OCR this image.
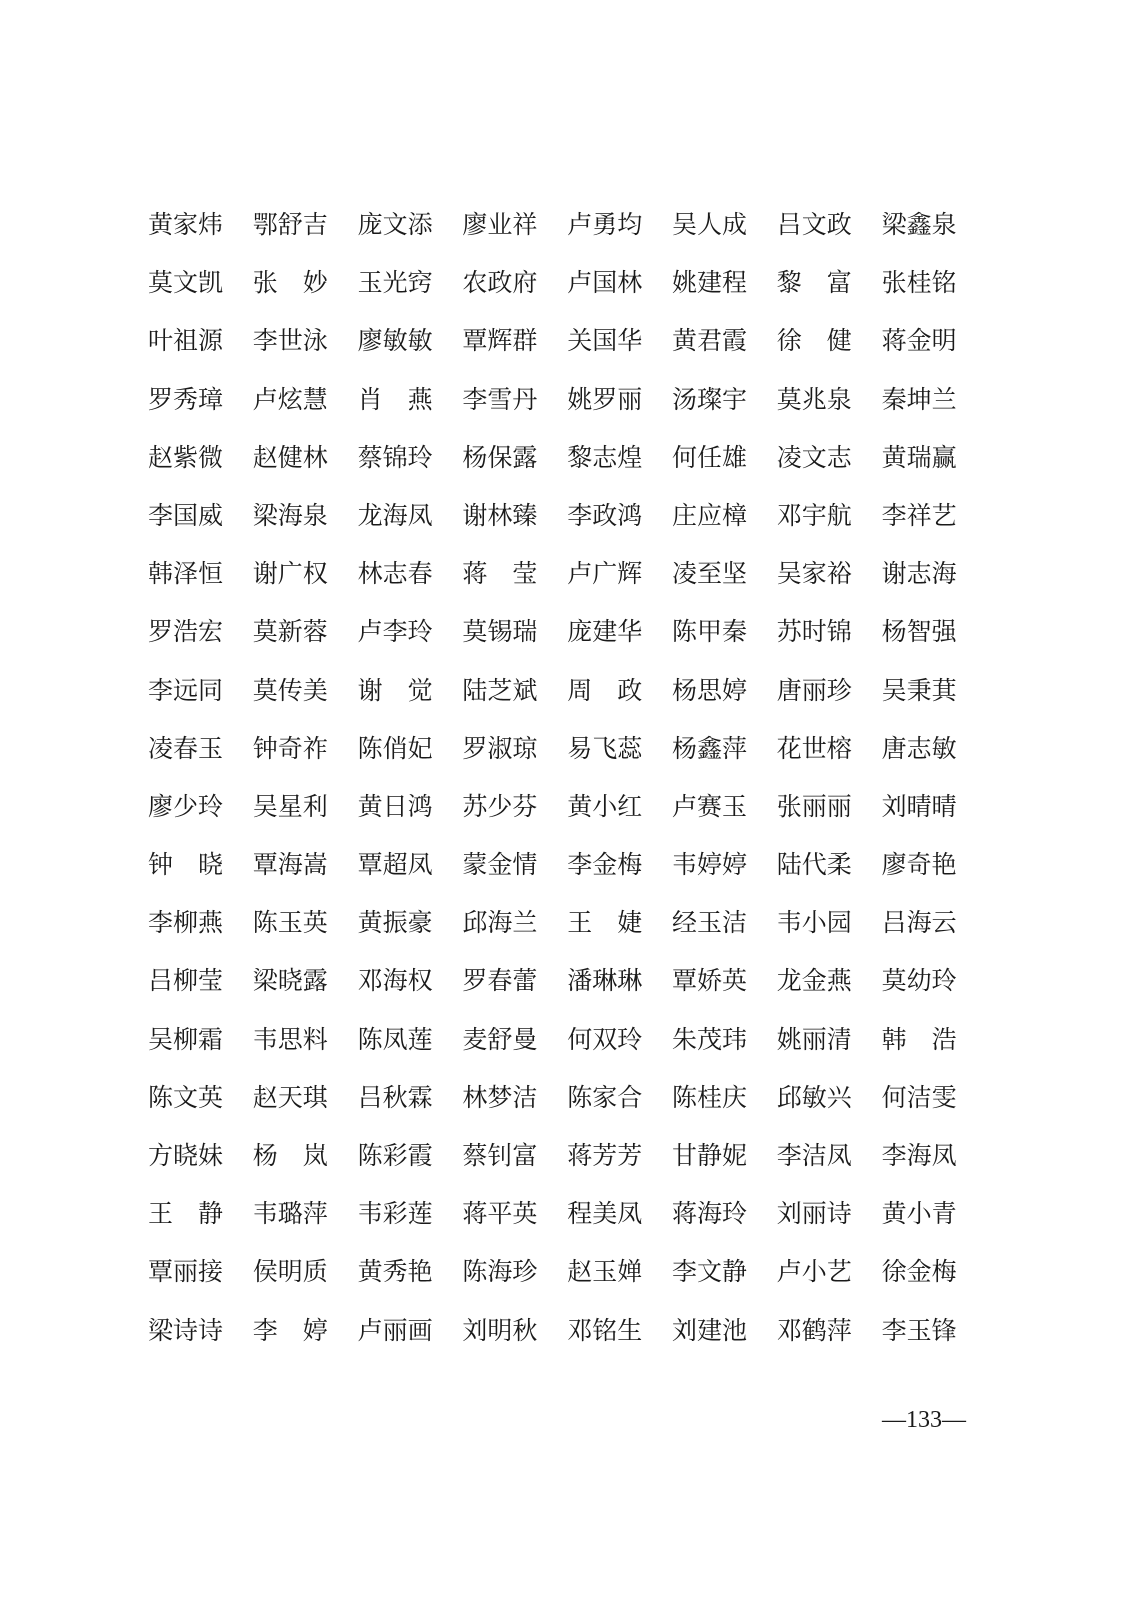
黄家炜	鄂舒吉	庞文添	廖业祥	卢勇均	吴人成	吕文政	梁鑫泉
莫文凯	张　妙	玉光窍	农政府	卢国林	姚建程	黎　富	张桂铭
叶祖源	李世泳	廖敏敏	覃辉群	关国华	黄君霞	徐　健	蒋金明
罗秀璋	卢炫慧	肖　燕	李雪丹	姚罗丽	汤璨宇	莫兆泉	秦坤兰
赵紫微	赵健林	蔡锦玲	杨保露	黎志煌	何任雄	凌文志	黄瑞赢
李国威	梁海泉	龙海凤	谢林臻	李政鸿	庄应樟	邓宇航	李祥艺
韩泽恒	谢广权	林志春	蒋　莹	卢广辉	凌至坚	吴家裕	谢志海
罗浩宏	莫新蓉	卢李玲	莫锡瑞	庞建华	陈甲秦	苏时锦	杨智强
李远同	莫传美	谢　觉	陆芝斌	周　政	杨思婷	唐丽珍	吴秉萁
凌春玉	钟奇祚	陈俏妃	罗淑琼	易飞蕊	杨鑫萍	花世榕	唐志敏
廖少玲	吴星利	黄日鸿	苏少芬	黄小红	卢赛玉	张丽丽	刘晴晴
钟　晓	覃海嵩	覃超凤	蒙金情	李金梅	韦婷婷	陆代柔	廖奇艳
李柳燕	陈玉英	黄振豪	邱海兰	王　婕	经玉洁	韦小园	吕海云
吕柳莹	梁晓露	邓海权	罗春蕾	潘琳琳	覃娇英	龙金燕	莫幼玲
吴柳霜	韦思料	陈凤莲	麦舒曼	何双玲	朱茂玮	姚丽清	韩　浩
陈文英	赵天琪	吕秋霖	林梦洁	陈家合	陈桂庆	邱敏兴	何洁雯
方晓妹	杨　岚	陈彩霞	蔡钊富	蒋芳芳	甘静妮	李洁凤	李海凤
王　静	韦璐萍	韦彩莲	蒋平英	程美凤	蒋海玲	刘丽诗	黄小青
覃丽接	侯明质	黄秀艳	陈海珍	赵玉婵	李文静	卢小艺	徐金梅
梁诗诗	李　婷	卢丽画	刘明秋	邓铭生	刘建池	邓鹤萍	李玉锋
—133—
